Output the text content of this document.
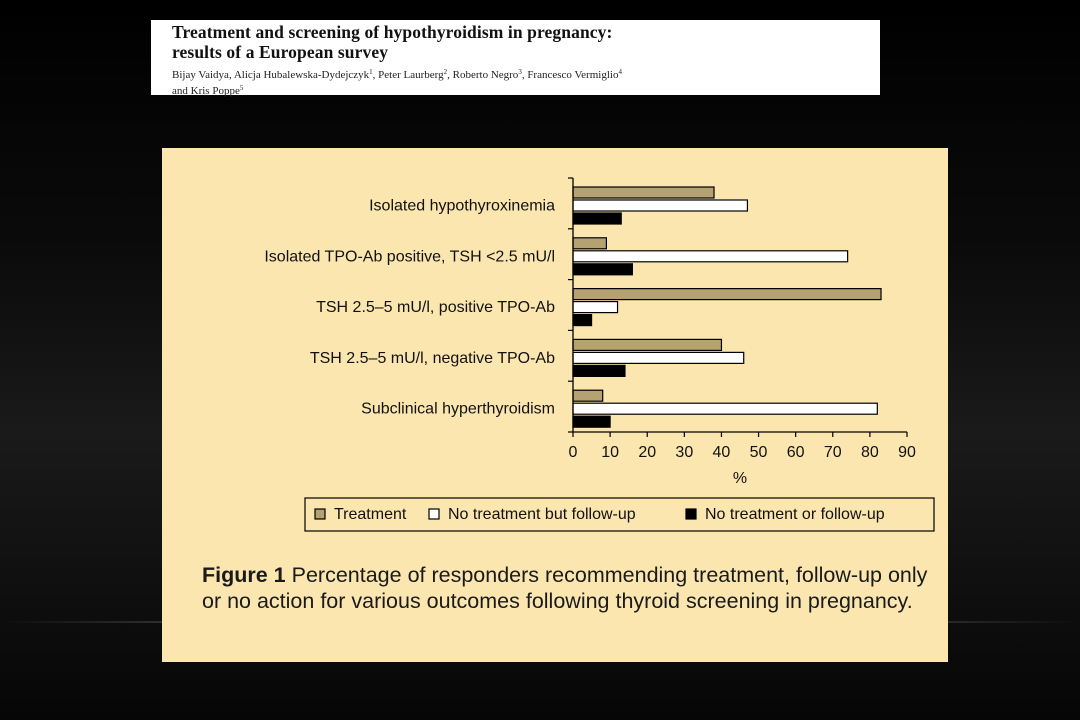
Treatment and screening of hypothyroidism in pregnancy:
results of a European survey
Bijay Vaidya, Alicja Hubalewska-Dydejczyk$^1$, Peter Laurberg$^2$, Roberto Negro$^3$, Francesco Vermiglio$^4$
and Kris Poppe$^5$
Isolated hypothyroxinemia
Isolated TPO-Ab positive, TSH <2.5 mU/l
TSH 2.5–5 mU/l, positive TPO-Ab
TSH 2.5–5 mU/l, negative TPO-Ab
Subclinical hyperthyroidism
0 10 20 30 40 50 60 70 80 90
%
Treatment	No treatment but follow-up	No treatment or follow-up
Figure 1 Percentage of responders recommending treatment, follow-up only or no action for various outcomes following thyroid screening in pregnancy.
